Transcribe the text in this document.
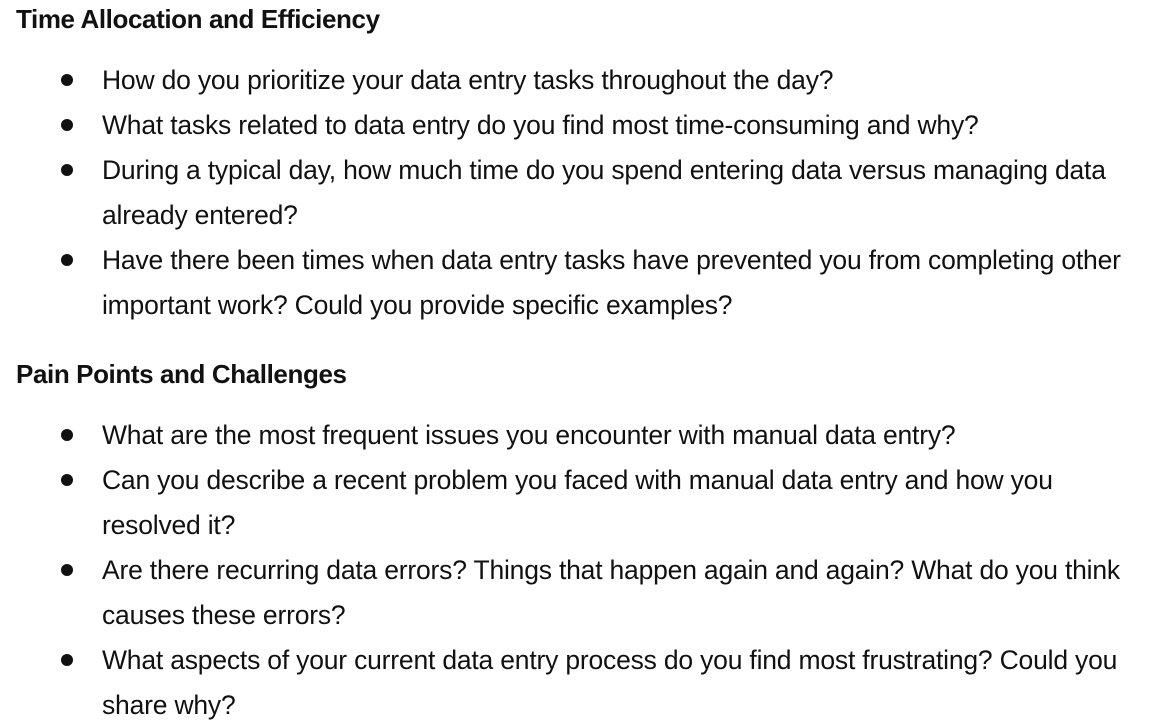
Time Allocation and Efficiency
How do you prioritize your data entry tasks throughout the day?
What tasks related to data entry do you find most time-consuming and why?
During a typical day, how much time do you spend entering data versus managing data already entered?
Have there been times when data entry tasks have prevented you from completing other important work? Could you provide specific examples?
Pain Points and Challenges
What are the most frequent issues you encounter with manual data entry?
Can you describe a recent problem you faced with manual data entry and how you resolved it?
Are there recurring data errors? Things that happen again and again? What do you think causes these errors?
What aspects of your current data entry process do you find most frustrating? Could you share why?
